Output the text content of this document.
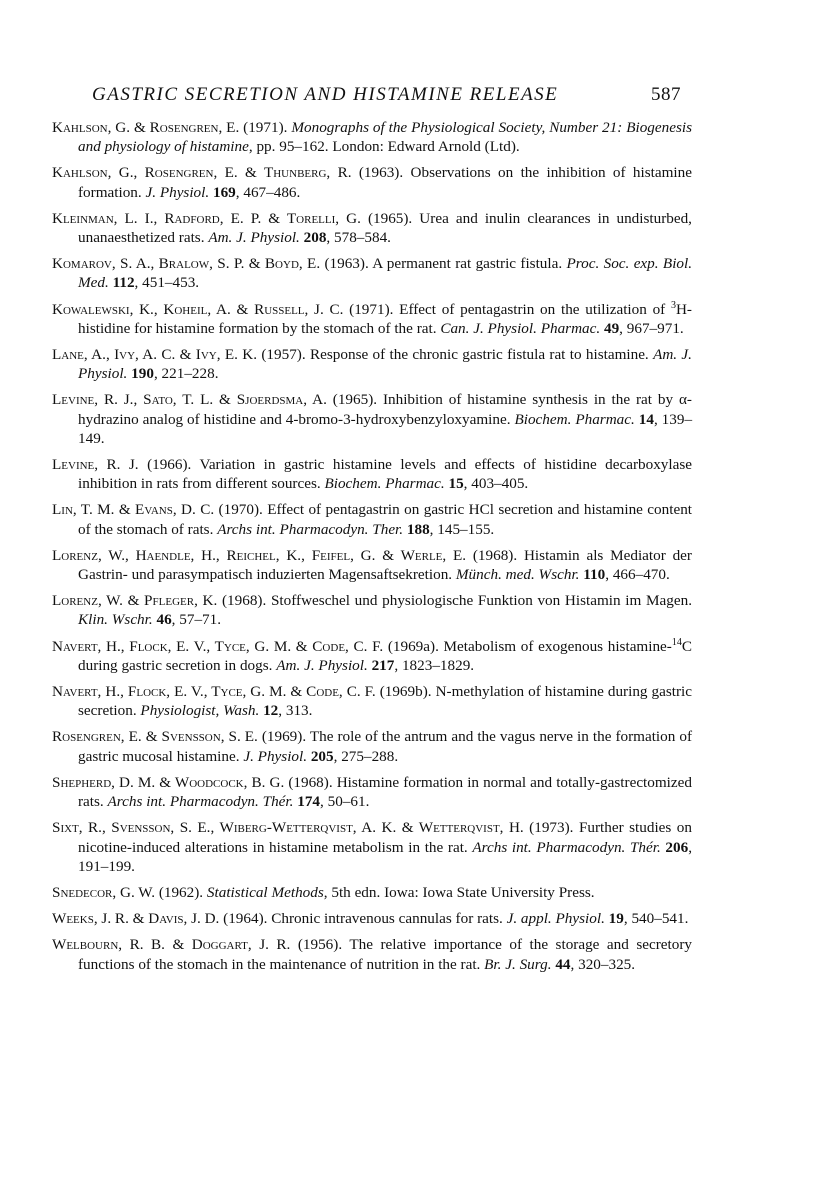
GASTRIC SECRETION AND HISTAMINE RELEASE	587

Kahlson, G. & Rosengren, E. (1971). Monographs of the Physiological Society, Number 21: Biogenesis and physiology of histamine, pp. 95–162. London: Edward Arnold (Ltd).

Kahlson, G., Rosengren, E. & Thunberg, R. (1963). Observations on the inhibition of histamine formation. J. Physiol. 169, 467–486.

Kleinman, L. I., Radford, E. P. & Torelli, G. (1965). Urea and inulin clearances in undisturbed, unanaesthetized rats. Am. J. Physiol. 208, 578–584.

Komarov, S. A., Bralow, S. P. & Boyd, E. (1963). A permanent rat gastric fistula. Proc. Soc. exp. Biol. Med. 112, 451–453.

Kowalewski, K., Koheil, A. & Russell, J. C. (1971). Effect of pentagastrin on the utilization of $^3$H-histidine for histamine formation by the stomach of the rat. Can. J. Physiol. Pharmac. 49, 967–971.

Lane, A., Ivy, A. C. & Ivy, E. K. (1957). Response of the chronic gastric fistula rat to histamine. Am. J. Physiol. 190, 221–228.

Levine, R. J., Sato, T. L. & Sjoerdsma, A. (1965). Inhibition of histamine synthesis in the rat by α-hydrazino analog of histidine and 4-bromo-3-hydroxybenzyloxyamine. Biochem. Pharmac. 14, 139–149.

Levine, R. J. (1966). Variation in gastric histamine levels and effects of histidine decarboxylase inhibition in rats from different sources. Biochem. Pharmac. 15, 403–405.

Lin, T. M. & Evans, D. C. (1970). Effect of pentagastrin on gastric HCl secretion and histamine content of the stomach of rats. Archs int. Pharmacodyn. Ther. 188, 145–155.

Lorenz, W., Haendle, H., Reichel, K., Feifel, G. & Werle, E. (1968). Histamin als Mediator der Gastrin- und parasympatisch induzierten Magensaftsekretion. Münch. med. Wschr. 110, 466–470.

Lorenz, W. & Pfleger, K. (1968). Stoffweschel und physiologische Funktion von Histamin im Magen. Klin. Wschr. 46, 57–71.

Navert, H., Flock, E. V., Tyce, G. M. & Code, C. F. (1969a). Metabolism of exogenous histamine-$^{14}$C during gastric secretion in dogs. Am. J. Physiol. 217, 1823–1829.

Navert, H., Flock, E. V., Tyce, G. M. & Code, C. F. (1969b). N-methylation of histamine during gastric secretion. Physiologist, Wash. 12, 313.

Rosengren, E. & Svensson, S. E. (1969). The role of the antrum and the vagus nerve in the formation of gastric mucosal histamine. J. Physiol. 205, 275–288.

Shepherd, D. M. & Woodcock, B. G. (1968). Histamine formation in normal and totally-gastrectomized rats. Archs int. Pharmacodyn. Thér. 174, 50–61.

Sixt, R., Svensson, S. E., Wiberg-Wetterqvist, A. K. & Wetterqvist, H. (1973). Further studies on nicotine-induced alterations in histamine metabolism in the rat. Archs int. Pharmacodyn. Thér. 206, 191–199.

Snedecor, G. W. (1962). Statistical Methods, 5th edn. Iowa: Iowa State University Press.

Weeks, J. R. & Davis, J. D. (1964). Chronic intravenous cannulas for rats. J. appl. Physiol. 19, 540–541.

Welbourn, R. B. & Doggart, J. R. (1956). The relative importance of the storage and secretory functions of the stomach in the maintenance of nutrition in the rat. Br. J. Surg. 44, 320–325.
